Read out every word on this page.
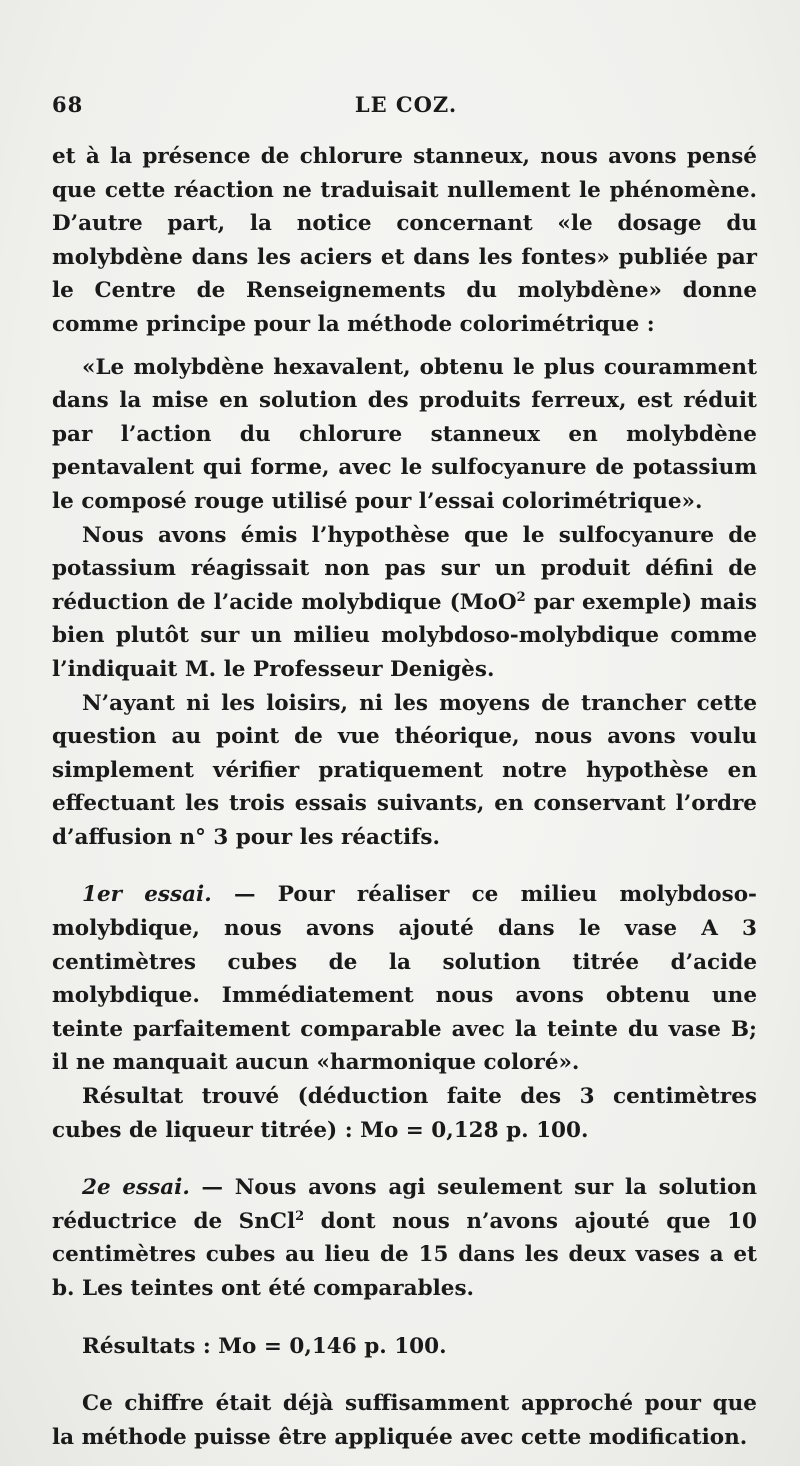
68	LE COZ.

et à la présence de chlorure stanneux, nous avons pensé que cette réaction ne traduisait nullement le phénomène. D’autre part, la notice concernant «le dosage du molybdène dans les aciers et dans les fontes» publiée par le Centre de Renseignements du molybdène» donne comme principe pour la méthode colorimétrique :

«Le molybdène hexavalent, obtenu le plus couramment dans la mise en solution des produits ferreux, est réduit par l’action du chlorure stanneux en molybdène pentavalent qui forme, avec le sulfocyanure de potassium le composé rouge utilisé pour l’essai colorimétrique».

Nous avons émis l’hypothèse que le sulfocyanure de potassium réagissait non pas sur un produit défini de réduction de l’acide molybdique (MoO$^2$ par exemple) mais bien plutôt sur un milieu molybdoso-molybdique comme l’indiquait M. le Professeur Denigès.

N’ayant ni les loisirs, ni les moyens de trancher cette question au point de vue théorique, nous avons voulu simplement vérifier pratiquement notre hypothèse en effectuant les trois essais suivants, en conservant l’ordre d’affusion n° 3 pour les réactifs.

1er essai. — Pour réaliser ce milieu molybdoso-molybdique, nous avons ajouté dans le vase A 3 centimètres cubes de la solution titrée d’acide molybdique. Immédiatement nous avons obtenu une teinte parfaitement comparable avec la teinte du vase B; il ne manquait aucun «harmonique coloré».

Résultat trouvé (déduction faite des 3 centimètres cubes de liqueur titrée) : Mo = 0,128 p. 100.

2e essai. — Nous avons agi seulement sur la solution réductrice de SnCl$^2$ dont nous n’avons ajouté que 10 centimètres cubes au lieu de 15 dans les deux vases a et b. Les teintes ont été comparables.

Résultats : Mo = 0,146 p. 100.

Ce chiffre était déjà suffisamment approché pour que la méthode puisse être appliquée avec cette modification.
